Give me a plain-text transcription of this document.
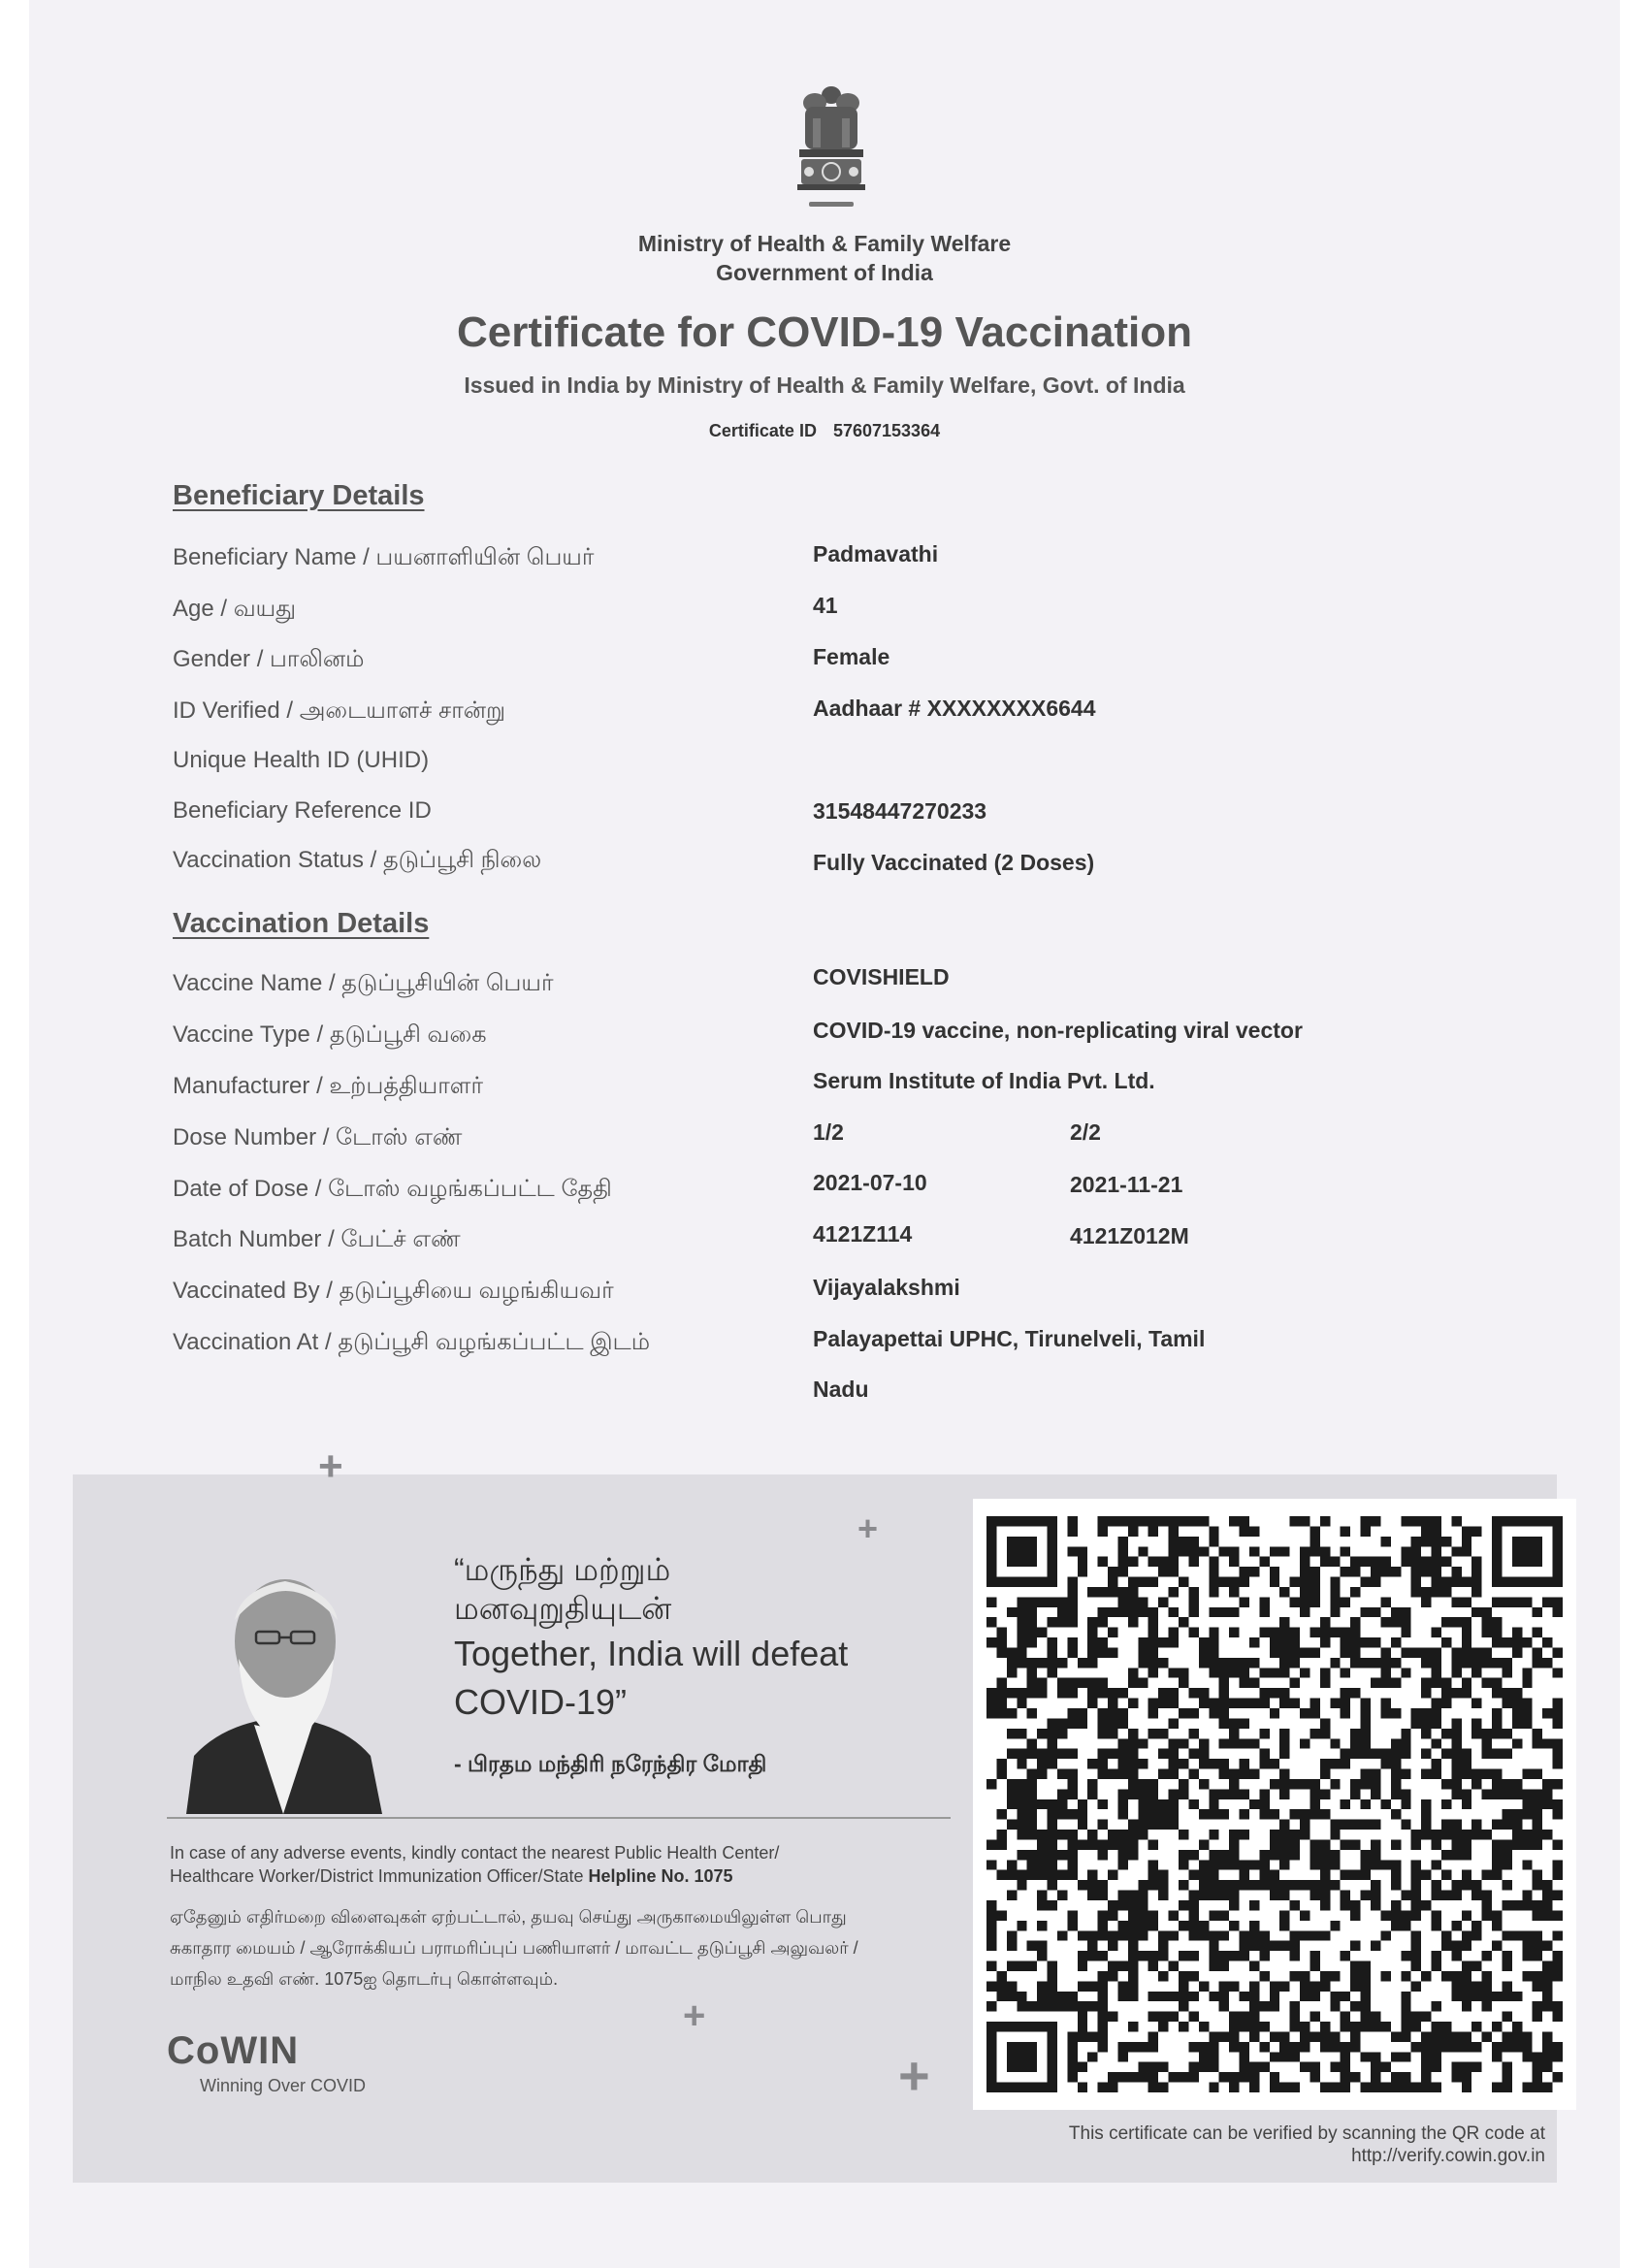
Ministry of Health & Family Welfare
Government of India
Certificate for COVID-19 Vaccination
Issued in India by Ministry of Health & Family Welfare, Govt. of India
Certificate ID 57607153364
Beneficiary Details
Beneficiary Name / பயனாளியின் பெயர்	Padmavathi
Age / வயது	41
Gender / பாலினம்	Female
ID Verified / அடையாளச் சான்று	Aadhaar # XXXXXXXX6644
Unique Health ID (UHID)
Beneficiary Reference ID	31548447270233
Vaccination Status / தடுப்பூசி நிலை	Fully Vaccinated (2 Doses)
Vaccination Details
Vaccine Name / தடுப்பூசியின் பெயர்	COVISHIELD
Vaccine Type / தடுப்பூசி வகை	COVID-19 vaccine, non-replicating viral vector
Manufacturer / உற்பத்தியாளர்	Serum Institute of India Pvt. Ltd.
Dose Number / டோஸ் எண்	1/2	2/2
Date of Dose / டோஸ் வழங்கப்பட்ட தேதி	2021-07-10	2021-11-21
Batch Number / பேட்ச் எண்	4121Z114	4121Z012M
Vaccinated By / தடுப்பூசியை வழங்கியவர்	Vijayalakshmi
Vaccination At / தடுப்பூசி வழங்கப்பட்ட இடம்	Palayapettai UPHC, Tirunelveli, Tamil
Nadu
+
+
+
+
“மருந்து மற்றும்
மனவுறுதியுடன்
Together, India will defeat
COVID-19”
- பிரதம மந்திரி நரேந்திர மோதி
In case of any adverse events, kindly contact the nearest Public Health Center/
Healthcare Worker/District Immunization Officer/State Helpline No. 1075
ஏதேனும் எதிர்மறை விளைவுகள் ஏற்பட்டால், தயவு செய்து அருகாமையிலுள்ள பொது
சுகாதார மையம் / ஆரோக்கியப் பராமரிப்புப் பணியாளர் / மாவட்ட தடுப்பூசி அலுவலர் /
மாநில உதவி எண். 1075ஐ தொடர்பு கொள்ளவும்.
CoWIN
Winning Over COVID
This certificate can be verified by scanning the QR code at
http://verify.cowin.gov.in
